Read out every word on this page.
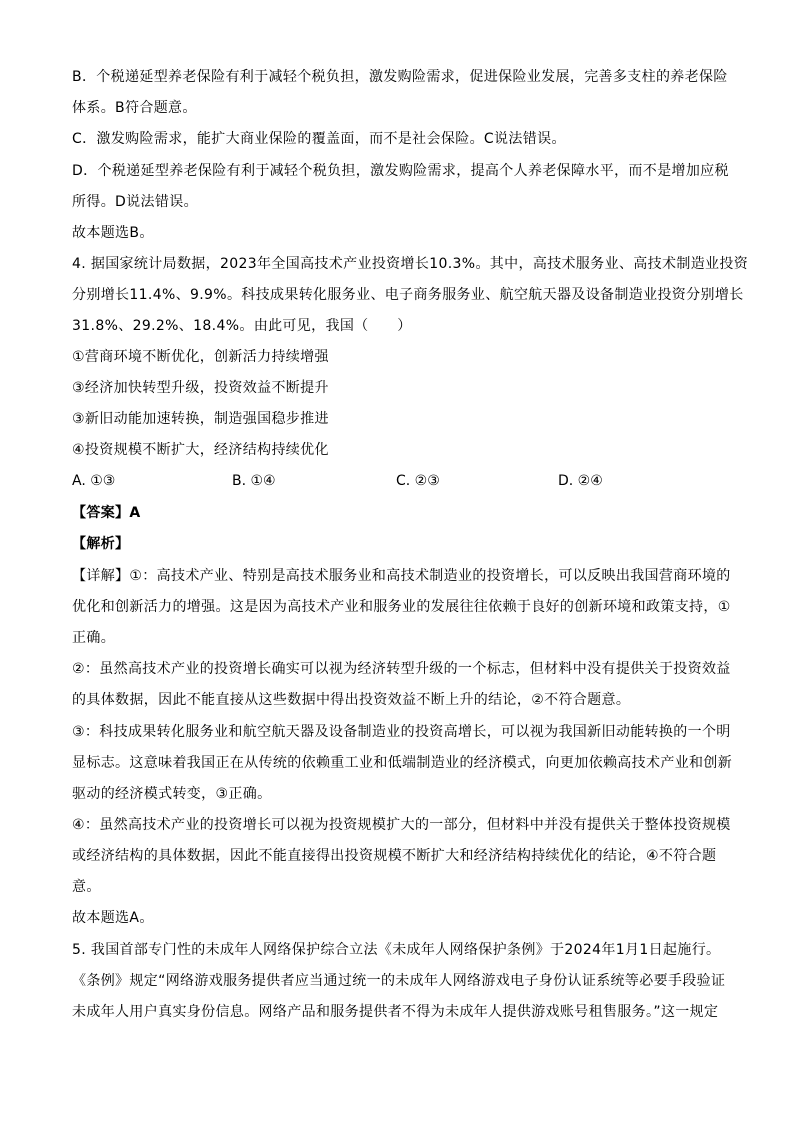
B．个税递延型养老保险有利于减轻个税负担，激发购险需求，促进保险业发展，完善多支柱的养老保险
体系。B符合题意。
C．激发购险需求，能扩大商业保险的覆盖面，而不是社会保险。C说法错误。
D．个税递延型养老保险有利于减轻个税负担，激发购险需求，提高个人养老保障水平，而不是增加应税
所得。D说法错误。
故本题选B。
4. 据国家统计局数据，2023年全国高技术产业投资增长10.3%。其中，高技术服务业、高技术制造业投资
分别增长11.4%、9.9%。科技成果转化服务业、电子商务服务业、航空航天器及设备制造业投资分别增长
31.8%、29.2%、18.4%。由此可见，我国（　　）
①营商环境不断优化，创新活力持续增强
③经济加快转型升级，投资效益不断提升
③新旧动能加速转换，制造强国稳步推进
④投资规模不断扩大，经济结构持续优化
A. ①③	B. ①④	C. ②③	D. ②④
【答案】A
【解析】
【详解】①：高技术产业、特别是高技术服务业和高技术制造业的投资增长，可以反映出我国营商环境的
优化和创新活力的增强。这是因为高技术产业和服务业的发展往往依赖于良好的创新环境和政策支持，①
正确。
②：虽然高技术产业的投资增长确实可以视为经济转型升级的一个标志，但材料中没有提供关于投资效益
的具体数据，因此不能直接从这些数据中得出投资效益不断上升的结论，②不符合题意。
③：科技成果转化服务业和航空航天器及设备制造业的投资高增长，可以视为我国新旧动能转换的一个明
显标志。这意味着我国正在从传统的依赖重工业和低端制造业的经济模式，向更加依赖高技术产业和创新
驱动的经济模式转变，③正确。
④：虽然高技术产业的投资增长可以视为投资规模扩大的一部分，但材料中并没有提供关于整体投资规模
或经济结构的具体数据，因此不能直接得出投资规模不断扩大和经济结构持续优化的结论，④不符合题
意。
故本题选A。
5. 我国首部专门性的未成年人网络保护综合立法《未成年人网络保护条例》于2024年1月1日起施行。
《条例》规定“网络游戏服务提供者应当通过统一的未成年人网络游戏电子身份认证系统等必要手段验证
未成年人用户真实身份信息。网络产品和服务提供者不得为未成年人提供游戏账号租售服务。”这一规定
